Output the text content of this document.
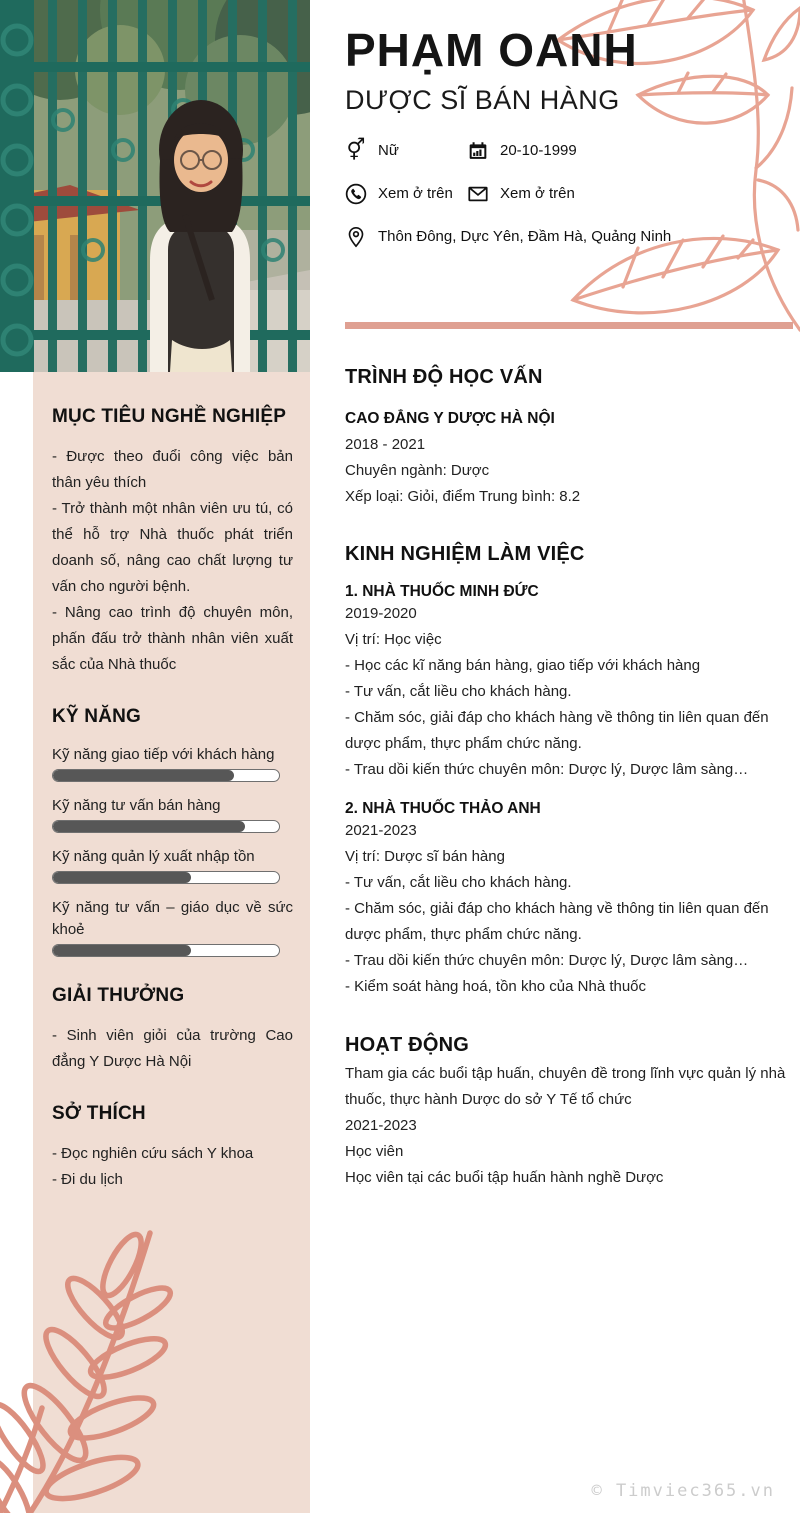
MỤC TIÊU NGHỀ NGHIỆP
- Được theo đuổi công việc bản thân yêu thích
- Trở thành một nhân viên ưu tú, có thể hỗ trợ Nhà thuốc phát triển doanh số, nâng cao chất lượng tư vấn cho người bệnh.
- Nâng cao trình độ chuyên môn, phấn đấu trở thành nhân viên xuất sắc của Nhà thuốc
KỸ NĂNG
Kỹ năng giao tiếp với khách hàng
Kỹ năng tư vấn bán hàng
Kỹ năng quản lý xuất nhập tồn
Kỹ năng tư vấn – giáo dục về sức khoẻ
GIẢI THƯỞNG
- Sinh viên giỏi của trường Cao đẳng Y Dược Hà Nội
SỞ THÍCH
- Đọc nghiên cứu sách Y khoa
- Đi du lịch
PHẠM OANH
DƯỢC SĨ BÁN HÀNG
⚥ Nữ	20-10-1999
Xem ở trên	Xem ở trên
Thôn Đông, Dực Yên, Đầm Hà, Quảng Ninh
TRÌNH ĐỘ HỌC VẤN
CAO ĐẲNG Y DƯỢC HÀ NỘI
2018 - 2021
Chuyên ngành: Dược
Xếp loại: Giỏi, điểm Trung bình: 8.2
KINH NGHIỆM LÀM VIỆC
1. NHÀ THUỐC MINH ĐỨC
2019-2020
Vị trí: Học việc
- Học các kĩ năng bán hàng, giao tiếp với khách hàng
- Tư vấn, cắt liều cho khách hàng.
- Chăm sóc, giải đáp cho khách hàng về thông tin liên quan đến dược phẩm, thực phẩm chức năng.
- Trau dồi kiến thức chuyên môn: Dược lý, Dược lâm sàng…
2. NHÀ THUỐC THẢO ANH
2021-2023
Vị trí: Dược sĩ bán hàng
- Tư vấn, cắt liều cho khách hàng.
- Chăm sóc, giải đáp cho khách hàng về thông tin liên quan đến dược phẩm, thực phẩm chức năng.
- Trau dồi kiến thức chuyên môn: Dược lý, Dược lâm sàng…
- Kiểm soát hàng hoá, tồn kho của Nhà thuốc
HOẠT ĐỘNG
Tham gia các buổi tập huấn, chuyên đề trong lĩnh vực quản lý nhà thuốc, thực hành Dược do sở Y Tế tổ chức
2021-2023
Học viên
Học viên tại các buổi tập huấn hành nghề Dược
© Timviec365.vn
